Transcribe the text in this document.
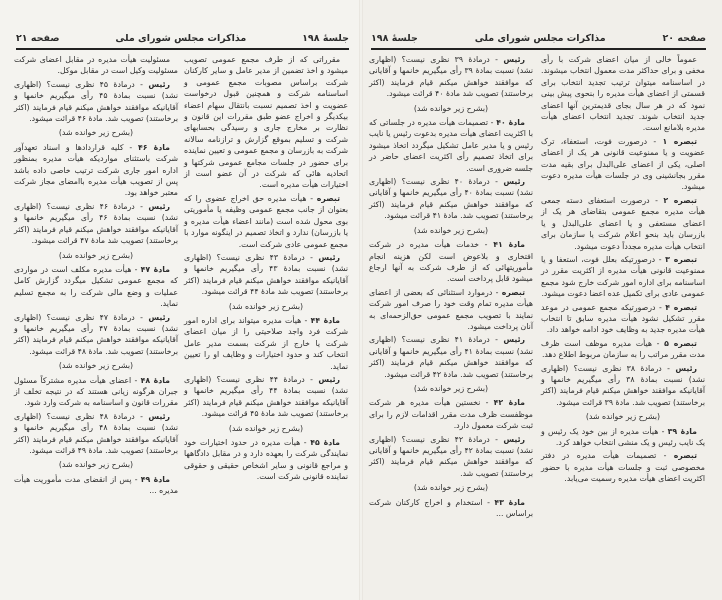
جلسهٔ ۱۹۸
مذاکرات مجلس شورای ملی
صفحه ۲۱

مقرراتی که از طرف مجمع عمومی تصویب میشود و اخذ تضمین از مدیر عامل و سایر کارکنان شرکت براساس مصوبات مجمع عمومی و اساسنامه شرکت و همچنین قبول درخواست عضویت و اخذ تصمیم نسبت بانتقال سهام اعضاء بیکدیگر و اخراج عضو طبق مقررات این قانون و نظارت بر مخارج جاری و رسیدگی بحسابهای شرکت و تسلیم بموقع گزارش و ترازنامه سالانه شرکت به بازرسان و مجمع عمومی و تعیین نماینده برای حضور در جلسات مجامع عمومی شرکتها و اتحادیه هائی که شرکت در آن عضو است از اختیارات هیأت مدیره است.

تبصره - هیأت مدیره حق اخراج عضوی را که بعنوان از جانب مجمع عمومی وظیفه یا مأموریتی بوی محول شده است (مانند اعضاء هیأت مدیره و یا بازرسان) ندارد و اتخاذ تصمیم در اینگونه موارد با مجمع عمومی عادی شرکت است.

رئیس - درمادهٔ ۴۳ نظری نیست؟ (اظهاری نشد) نسبت بمادهٔ ۴۳ رأی میگیریم خانمها و آقایانیکه موافقند خواهش میکنم قیام فرمایند (اکثر برخاستند) تصویب شد مادهٔ ۴۴ قرائت میشود.

(بشرح زیر خوانده شد)

مادهٔ ۴۴ - هیأت مدیره میتواند برای اداره امور شرکت فرد واجد صلاحیتی را از میان اعضای شرکت یا خارج از شرکت بسمت مدیر عامل انتخاب کند و حدود اختیارات و وظایف او را تعیین نماید.

رئیس - درمادهٔ ۴۴ نظری نیست؟ (اظهاری نشد) نسبت بمادهٔ ۴۴ رأی میگیریم خانمها و آقایانیکه موافقند خواهش میکنم قیام فرمایند (اکثر برخاستند) تصویب شد مادهٔ ۴۵ قرائت میشود.

(بشرح زیر خوانده شد)

مادهٔ ۴۵ - هیأت مدیره در حدود اختیارات خود نمایندگی شرکت را بعهده دارد و در مقابل دادگاهها و مراجع قانونی و سایر اشخاص حقیقی و حقوقی نماینده قانونی شرکت است.

مسئولیت هیأت مدیره در مقابل اعضای شرکت مسئولیت وکیل است در مقابل موکل.

رئیس - درمادهٔ ۴۵ نظری نیست؟ (اظهاری نشد) نسبت بمادهٔ ۴۵ رأی میگیریم خانمها و آقایانیکه موافقند خواهش میکنم قیام فرمایند (اکثر برخاستند) تصویب شد. مادهٔ ۴۶ قرائت میشود.

(بشرح زیر خوانده شد)

مادهٔ ۴۶ - کلیه قراردادها و اسناد تعهدآور شرکت باستثنای مواردیکه هیأت مدیره بمنظور اداره امور جاری شرکت ترتیب خاصی داده باشد پس از تصویب هیأت مدیره باامضای مجاز شرکت معتبر خواهد بود.

رئیس - درمادهٔ ۴۶ نظری نیست؟ (اظهاری نشد) نسبت بمادهٔ ۴۶ رأی میگیریم خانمها و آقایانیکه موافقند خواهش میکنم قیام فرمایند (اکثر برخاستند) تصویب شد مادهٔ ۴۷ قرائت میشود.

(بشرح زیر خوانده شد)

مادهٔ ۴۷ - هیأت مدیره مکلف است در مواردی که مجمع عمومی تشکیل میگردد گزارش کامل عملیات و وضع مالی شرکت را به مجمع تسلیم نماید.

رئیس - درمادهٔ ۴۷ نظری نیست؟ (اظهاری نشد) نسبت بمادهٔ ۴۷ رأی میگیریم خانمها و آقایانیکه موافقند خواهش میکنم قیام فرمایند (اکثر برخاستند) تصویب شد. مادهٔ ۴۸ قرائت میشود.

(بشرح زیر خوانده شد)

مادهٔ ۴۸ - اعضای هیأت مدیره مشترکاً مسئول جبران هرگونه زیانی هستند که در نتیجه تخلف از مقررات قانون و اساسنامه به شرکت وارد شود.

رئیس - درمادهٔ ۴۸ نظری نیست؟ (اظهاری نشد) نسبت بمادهٔ ۴۸ رأی میگیریم خانمها و آقایانیکه موافقند خواهش میکنم قیام فرمایند (اکثر برخاستند) تصویب شد. مادهٔ ۴۹ قرائت میشود.

(بشرح زیر خوانده شد)

مادهٔ ۴۹ - پس از انقضای مدت مأموریت هیأت مدیره ...

صفحه ۲۰
مذاکرات مجلس شورای ملی
جلسهٔ ۱۹۸

عموماً خالی از میان اعضای شرکت با رأی مخفی و برای حداکثر مدت معمول انتخاب میشوند. در اساسنامه میتوان ترتیب تجدید انتخاب برای قسمتی از اعضای هیأت مدیره را بنحوی پیش بینی نمود که در هر سال بجای قدیمترین آنها اعضای جدید انتخاب شوند. تجدید انتخاب اعضای هیأت مدیره بلامانع است.

تبصره ۱ - درصورت فوت، استعفاء، ترک عضویت و یا ممنوعیت قانونی هر یک از اعضای اصلی، یکی از اعضای علی‌البدل برای بقیه مدت مقرر بجانشینی وی در جلسات هیأت مدیره دعوت میشود.

تبصره ۲ - درصورت استعفای دسته جمعی هیأت مدیره مجمع عمومی بتقاضای هر یک از اعضای مستعفی و یا اعضای علی‌البدل و یا بازرسان باید بنحو اعلام شرکت یا سازمان برای انتخاب هیأت مدیره مجدداً دعوت میشود.

تبصره ۳ - درصورتیکه بعلل فوت، استعفا و یا ممنوعیت قانونی هیأت مدیره از اکثریت مقرر در اساسنامه برای اداره امور شرکت خارج شود مجمع عمومی عادی برای تکمیل عده اعضا دعوت میشود.

تبصره ۴ - درصورتیکه مجمع عمومی در موعد مقرر تشکیل نشود هیأت مدیره سابق تا انتخاب هیأت مدیره جدید به وظایف خود ادامه خواهد داد.

تبصره ۵ - هیأت مدیره موظف است ظرف مدت مقرر مراتب را به سازمان مربوط اطلاع دهد.

رئیس - درمادهٔ ۳۸ نظری نیست؟ (اظهاری نشد) نسبت بمادهٔ ۳۸ رأی میگیریم خانمها و آقایانیکه موافقند خواهش میکنم قیام فرمایند (اکثر برخاستند) تصویب شد. مادهٔ ۳۹ قرائت میشود.

(بشرح زیر خوانده شد)

مادهٔ ۳۹ - هیأت مدیره از بین خود یک رئیس و یک نایب رئیس و یک منشی انتخاب خواهد کرد.

تبصره - تصمیمات هیأت مدیره در دفتر مخصوصی ثبت و جلسات هیأت مدیره با حضور اکثریت اعضای هیأت مدیره رسمیت می‌یابد.

رئیس - درمادهٔ ۳۹ نظری نیست؟ (اظهاری نشد) نسبت بمادهٔ ۳۹ رأی میگیریم خانمها و آقایانی که موافقند خواهش میکنم قیام فرمایند (اکثر برخاستند) تصویب شد مادهٔ ۴۰ قرائت میشود.

(بشرح زیر خوانده شد)

مادهٔ ۴۰ - تصمیمات هیأت مدیره در جلساتی که با اکثریت اعضای هیأت مدیره بدعوت رئیس یا نایب رئیس و یا مدیر عامل تشکیل میگردد اتخاذ میشود برای اتخاذ تصمیم رأی اکثریت اعضای حاضر در جلسه ضروری است.

رئیس - درمادهٔ ۴۰ نظری نیست؟ (اظهاری نشد) نسبت بمادهٔ ۴۰ رأی میگیریم خانمها و آقایانی که موافقند خواهش میکنم قیام فرمایند (اکثر برخاستند) تصویب شد. مادهٔ ۴۱ قرائت میشود.

(بشرح زیر خوانده شد)

مادهٔ ۴۱ - خدمات هیأت مدیره در شرکت افتخاری و بلاعوض است لکن هزینه انجام مأموریتهائی که از طرف شرکت به آنها ارجاع میشود قابل پرداخت است.

تبصره - درموارد استثنائی که بعضی از اعضای هیأت مدیره تمام وقت خود را صرف امور شرکت نمایند با تصویب مجمع عمومی حق‌الزحمه‌ای به آنان پرداخت میشود.

رئیس - درمادهٔ ۴۱ نظری نیست؟ (اظهاری نشد) نسبت بمادهٔ ۴۱ رأی میگیریم خانمها و آقایانی که موافقند خواهش میکنم قیام فرمایند (اکثر برخاستند) تصویب شد. مادهٔ ۴۲ قرائت میشود.

(بشرح زیر خوانده شد)

مادهٔ ۴۲ - نخستین هیأت مدیره هر شرکت موظفست ظرف مدت مقرر اقدامات لازم را برای ثبت شرکت معمول دارد.

رئیس - درمادهٔ ۴۲ نظری نیست؟ (اظهاری نشد) نسبت بمادهٔ ۴۲ رأی میگیریم خانمها و آقایانی که موافقند خواهش میکنم قیام فرمایند (اکثر برخاستند) تصویب شد.

(بشرح زیر خوانده شد)

مادهٔ ۴۳ - استخدام و اخراج کارکنان شرکت براساس ...
